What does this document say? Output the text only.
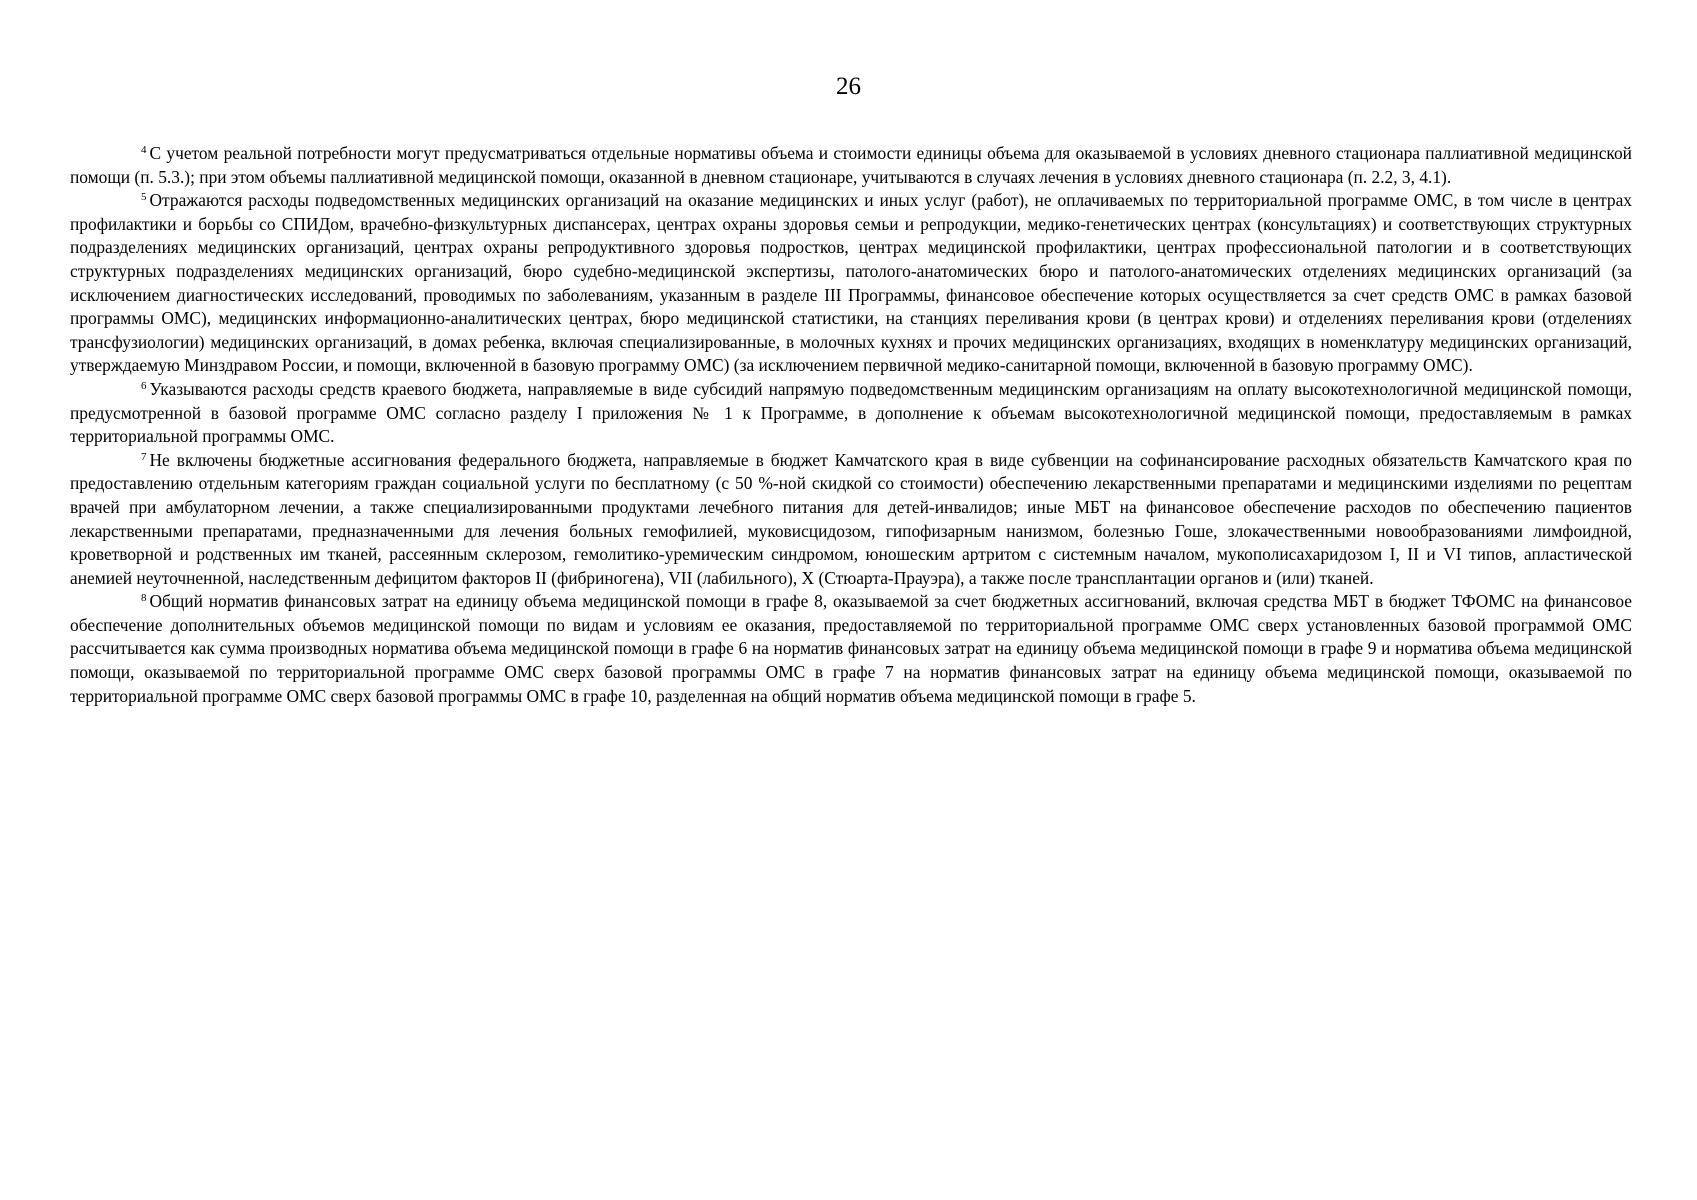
26

$^4$ С учетом реальной потребности могут предусматриваться отдельные нормативы объема и стоимости единицы объема для оказываемой в условиях дневного стационара паллиативной медицинской помощи (п. 5.3.); при этом объемы паллиативной медицинской помощи, оказанной в дневном стационаре, учитываются в случаях лечения в условиях дневного стационара (п. 2.2, 3, 4.1).

$^5$ Отражаются расходы подведомственных медицинских организаций на оказание медицинских и иных услуг (работ), не оплачиваемых по территориальной программе ОМС, в том числе в центрах профилактики и борьбы со СПИДом, врачебно-физкультурных диспансерах, центрах охраны здоровья семьи и репродукции, медико-генетических центрах (консультациях) и соответствующих структурных подразделениях медицинских организаций, центрах охраны репродуктивного здоровья подростков, центрах медицинской профилактики, центрах профессиональной патологии и в соответствующих структурных подразделениях медицинских организаций, бюро судебно-медицинской экспертизы, патолого-анатомических бюро и патолого-анатомических отделениях медицинских организаций (за исключением диагностических исследований, проводимых по заболеваниям, указанным в разделе III Программы, финансовое обеспечение которых осуществляется за счет средств ОМС в рамках базовой программы ОМС), медицинских информационно-аналитических центрах, бюро медицинской статистики, на станциях переливания крови (в центрах крови) и отделениях переливания крови (отделениях трансфузиологии) медицинских организаций, в домах ребенка, включая специализированные, в молочных кухнях и прочих медицинских организациях, входящих в номенклатуру медицинских организаций, утверждаемую Минздравом России, и помощи, включенной в базовую программу ОМС) (за исключением первичной медико-санитарной помощи, включенной в базовую программу ОМС).

$^6$ Указываются расходы средств краевого бюджета, направляемые в виде субсидий напрямую подведомственным медицинским организациям на оплату высокотехнологичной медицинской помощи, предусмотренной в базовой программе ОМС согласно разделу I приложения № 1 к Программе, в дополнение к объемам высокотехнологичной медицинской помощи, предоставляемым в рамках территориальной программы ОМС.

$^7$ Не включены бюджетные ассигнования федерального бюджета, направляемые в бюджет Камчатского края в виде субвенции на софинансирование расходных обязательств Камчатского края по предоставлению отдельным категориям граждан социальной услуги по бесплатному (с 50 %-ной скидкой со стоимости) обеспечению лекарственными препаратами и медицинскими изделиями по рецептам врачей при амбулаторном лечении, а также специализированными продуктами лечебного питания для детей-инвалидов; иные МБТ на финансовое обеспечение расходов по обеспечению пациентов лекарственными препаратами, предназначенными для лечения больных гемофилией, муковисцидозом, гипофизарным нанизмом, болезнью Гоше, злокачественными новообразованиями лимфоидной, кроветворной и родственных им тканей, рассеянным склерозом, гемолитико-уремическим синдромом, юношеским артритом с системным началом, мукополисахаридозом I, II и VI типов, апластической анемией неуточненной, наследственным дефицитом факторов II (фибриногена), VII (лабильного), X (Стюарта-Прауэра), а также после трансплантации органов и (или) тканей.

$^8$ Общий норматив финансовых затрат на единицу объема медицинской помощи в графе 8, оказываемой за счет бюджетных ассигнований, включая средства МБТ в бюджет ТФОМС на финансовое обеспечение дополнительных объемов медицинской помощи по видам и условиям ее оказания, предоставляемой по территориальной программе ОМС сверх установленных базовой программой ОМС рассчитывается как сумма производных норматива объема медицинской помощи в графе 6 на норматив финансовых затрат на единицу объема медицинской помощи в графе 9 и норматива объема медицинской помощи, оказываемой по территориальной программе ОМС сверх базовой программы ОМС в графе 7 на норматив финансовых затрат на единицу объема медицинской помощи, оказываемой по территориальной программе ОМС сверх базовой программы ОМС в графе 10, разделенная на общий норматив объема медицинской помощи в графе 5.
